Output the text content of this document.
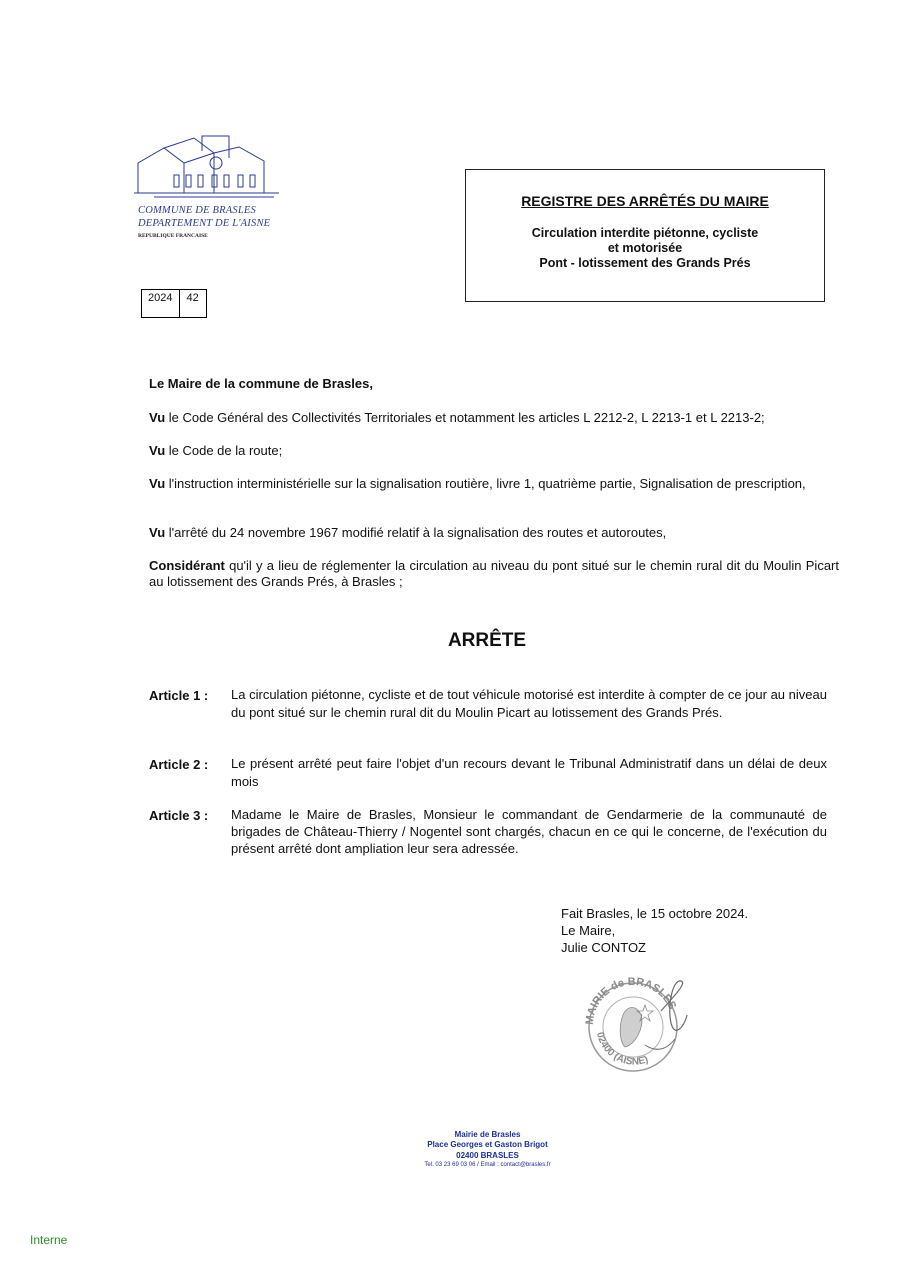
COMMUNE DE BRASLES
DEPARTEMENT DE L'AISNE
REPUBLIQUE FRANCAISE
2024	42
REGISTRE DES ARRÊTÉS DU MAIRE
Circulation interdite piétonne, cycliste
et motorisée
Pont - lotissement des Grands Prés
Le Maire de la commune de Brasles,
Vu le Code Général des Collectivités Territoriales et notamment les articles L 2212-2, L 2213-1 et L 2213-2;
Vu le Code de la route;
Vu l'instruction interministérielle sur la signalisation routière, livre 1, quatrième partie, Signalisation de prescription,
Vu l'arrêté du 24 novembre 1967 modifié relatif à la signalisation des routes et autoroutes,
Considérant qu'il y a lieu de réglementer la circulation au niveau du pont situé sur le chemin rural dit du Moulin Picart au lotissement des Grands Prés, à Brasles ;
ARRÊTE
Article 1 : La circulation piétonne, cycliste et de tout véhicule motorisé est interdite à compter de ce jour au niveau du pont situé sur le chemin rural dit du Moulin Picart au lotissement des Grands Prés.
Article 2 : Le présent arrêté peut faire l'objet d'un recours devant le Tribunal Administratif dans un délai de deux mois
Article 3 : Madame le Maire de Brasles, Monsieur le commandant de Gendarmerie de la communauté de brigades de Château-Thierry / Nogentel sont chargés, chacun en ce qui le concerne, de l'exécution du présent arrêté dont ampliation leur sera adressée.
Fait Brasles, le 15 octobre 2024.
Le Maire,
Julie CONTOZ
MAIRIE de BRASLES
02400 (AISNE)
Mairie de Brasles
Place Georges et Gaston Brigot
02400 BRASLES
Tel. 03 23 69 03 06 / Email : contact@brasles.fr
Interne
